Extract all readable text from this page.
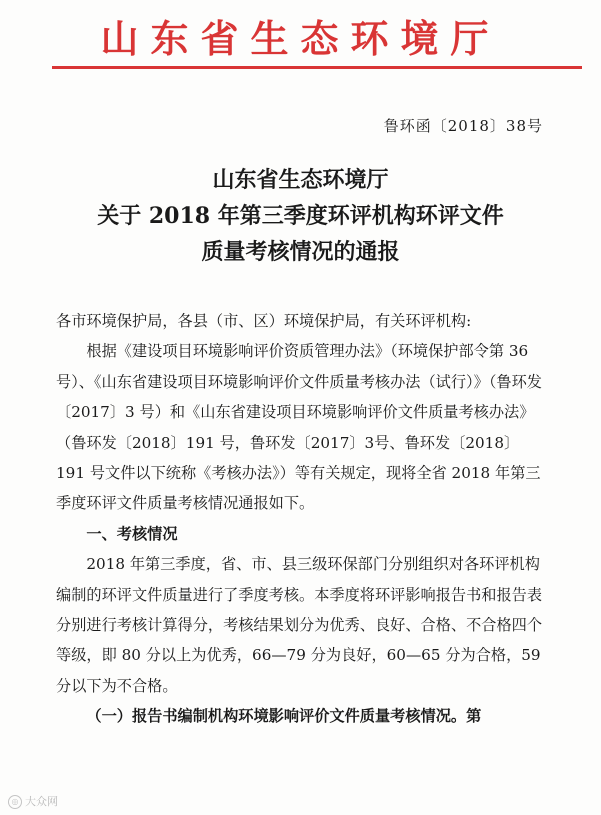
山东省生态环境厅
鲁环函〔2018〕38号
山东省生态环境厅
关于 2018 年第三季度环评机构环评文件
质量考核情况的通报

各市环境保护局，各县（市、区）环境保护局，有关环评机构:

根据《建设项目环境影响评价资质管理办法》（环境保护部令第 36 号）、《山东省建设项目环境影响评价文件质量考核办法（试行）》（鲁环发〔2017〕3 号）和《山东省建设项目环境影响评价文件质量考核办法》（鲁环发〔2018〕191 号，鲁环发〔2017〕3号、鲁环发〔2018〕191 号文件以下统称《考核办法》）等有关规定，现将全省 2018 年第三季度环评文件质量考核情况通报如下。

一、考核情况

2018 年第三季度，省、市、县三级环保部门分别组织对各环评机构编制的环评文件质量进行了季度考核。本季度将环评影响报告书和报告表分别进行考核计算得分，考核结果划分为优秀、良好、合格、不合格四个等级，即 80 分以上为优秀，66—79 分为良好，60—65 分为合格，59 分以下为不合格。

（一）报告书编制机构环境影响评价文件质量考核情况。第

◎ 大众网
